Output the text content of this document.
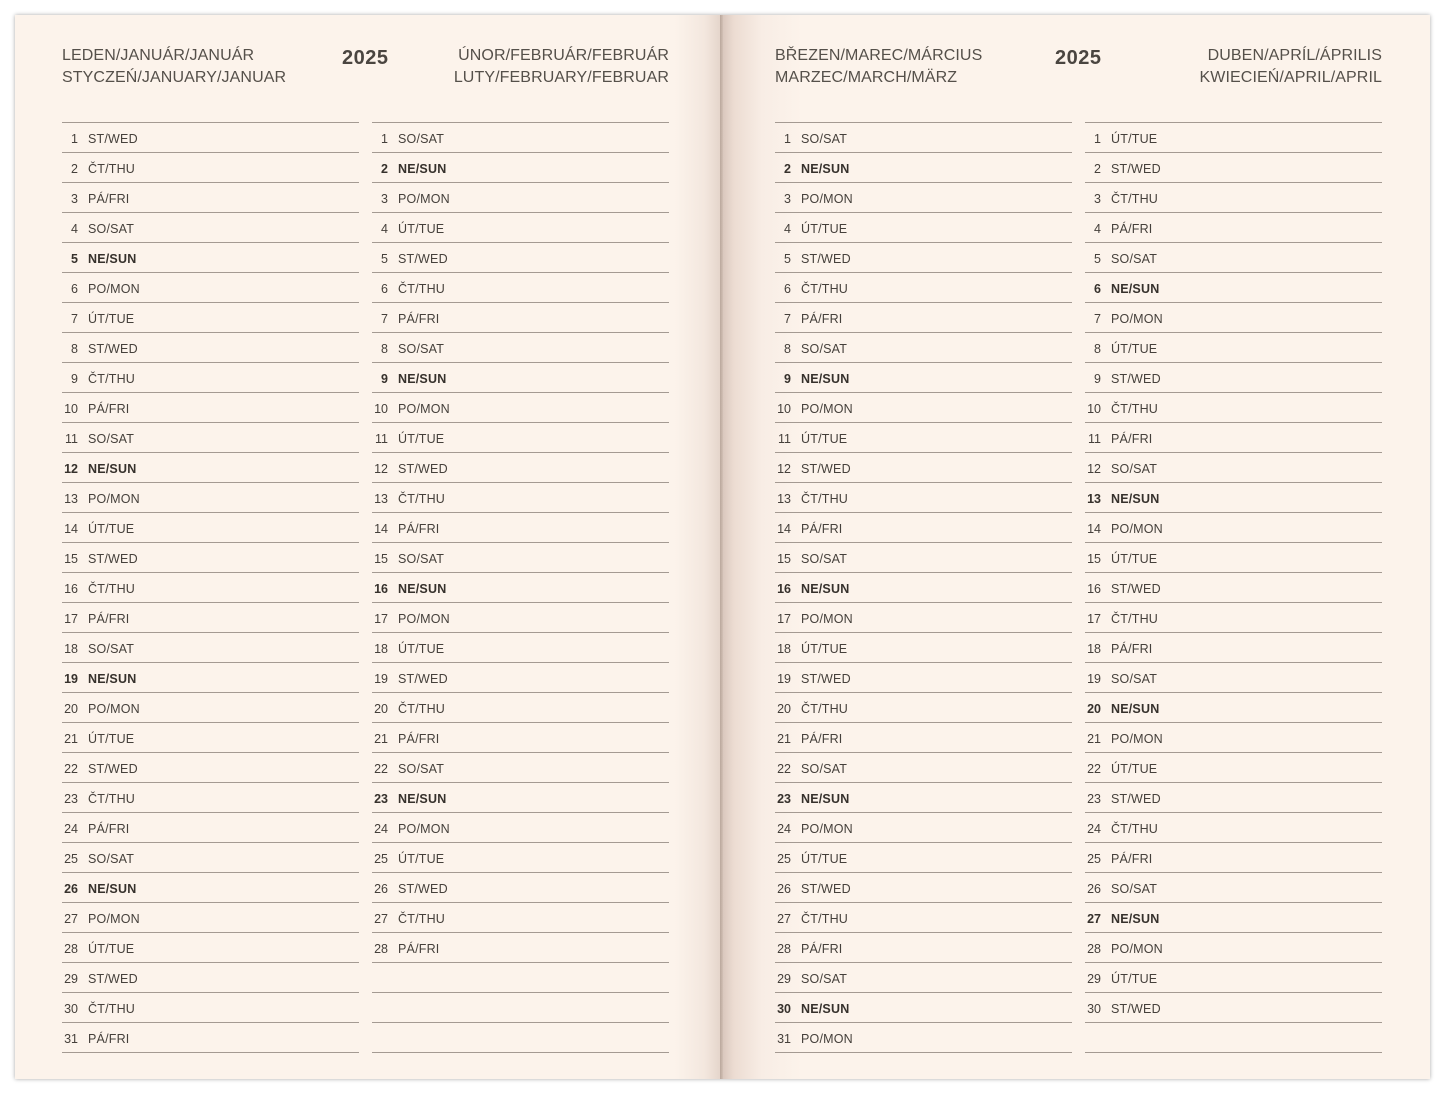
LEDEN/JANUÁR/JANUÁR
STYCZEŃ/JANUARY/JANUAR
2025	ÚNOR/FEBRUÁR/FEBRUÁR
LUTY/FEBRUARY/FEBRUAR
1 ST/WED
2 ČT/THU
3 PÁ/FRI
4 SO/SAT
5 NE/SUN
6 PO/MON
7 ÚT/TUE
8 ST/WED
9 ČT/THU
10 PÁ/FRI
11 SO/SAT
12 NE/SUN
13 PO/MON
14 ÚT/TUE
15 ST/WED
16 ČT/THU
17 PÁ/FRI
18 SO/SAT
19 NE/SUN
20 PO/MON
21 ÚT/TUE
22 ST/WED
23 ČT/THU
24 PÁ/FRI
25 SO/SAT
26 NE/SUN
27 PO/MON
28 ÚT/TUE
29 ST/WED
30 ČT/THU
31 PÁ/FRI
1 SO/SAT
2 NE/SUN
3 PO/MON
4 ÚT/TUE
5 ST/WED
6 ČT/THU
7 PÁ/FRI
8 SO/SAT
9 NE/SUN
10 PO/MON
11 ÚT/TUE
12 ST/WED
13 ČT/THU
14 PÁ/FRI
15 SO/SAT
16 NE/SUN
17 PO/MON
18 ÚT/TUE
19 ST/WED
20 ČT/THU
21 PÁ/FRI
22 SO/SAT
23 NE/SUN
24 PO/MON
25 ÚT/TUE
26 ST/WED
27 ČT/THU
28 PÁ/FRI
BŘEZEN/MAREC/MÁRCIUS
MARZEC/MARCH/MÄRZ
2025	DUBEN/APRÍL/ÁPRILIS
KWIECIEŃ/APRIL/APRIL
1 SO/SAT
2 NE/SUN
3 PO/MON
4 ÚT/TUE
5 ST/WED
6 ČT/THU
7 PÁ/FRI
8 SO/SAT
9 NE/SUN
10 PO/MON
11 ÚT/TUE
12 ST/WED
13 ČT/THU
14 PÁ/FRI
15 SO/SAT
16 NE/SUN
17 PO/MON
18 ÚT/TUE
19 ST/WED
20 ČT/THU
21 PÁ/FRI
22 SO/SAT
23 NE/SUN
24 PO/MON
25 ÚT/TUE
26 ST/WED
27 ČT/THU
28 PÁ/FRI
29 SO/SAT
30 NE/SUN
31 PO/MON
1 ÚT/TUE
2 ST/WED
3 ČT/THU
4 PÁ/FRI
5 SO/SAT
6 NE/SUN
7 PO/MON
8 ÚT/TUE
9 ST/WED
10 ČT/THU
11 PÁ/FRI
12 SO/SAT
13 NE/SUN
14 PO/MON
15 ÚT/TUE
16 ST/WED
17 ČT/THU
18 PÁ/FRI
19 SO/SAT
20 NE/SUN
21 PO/MON
22 ÚT/TUE
23 ST/WED
24 ČT/THU
25 PÁ/FRI
26 SO/SAT
27 NE/SUN
28 PO/MON
29 ÚT/TUE
30 ST/WED
